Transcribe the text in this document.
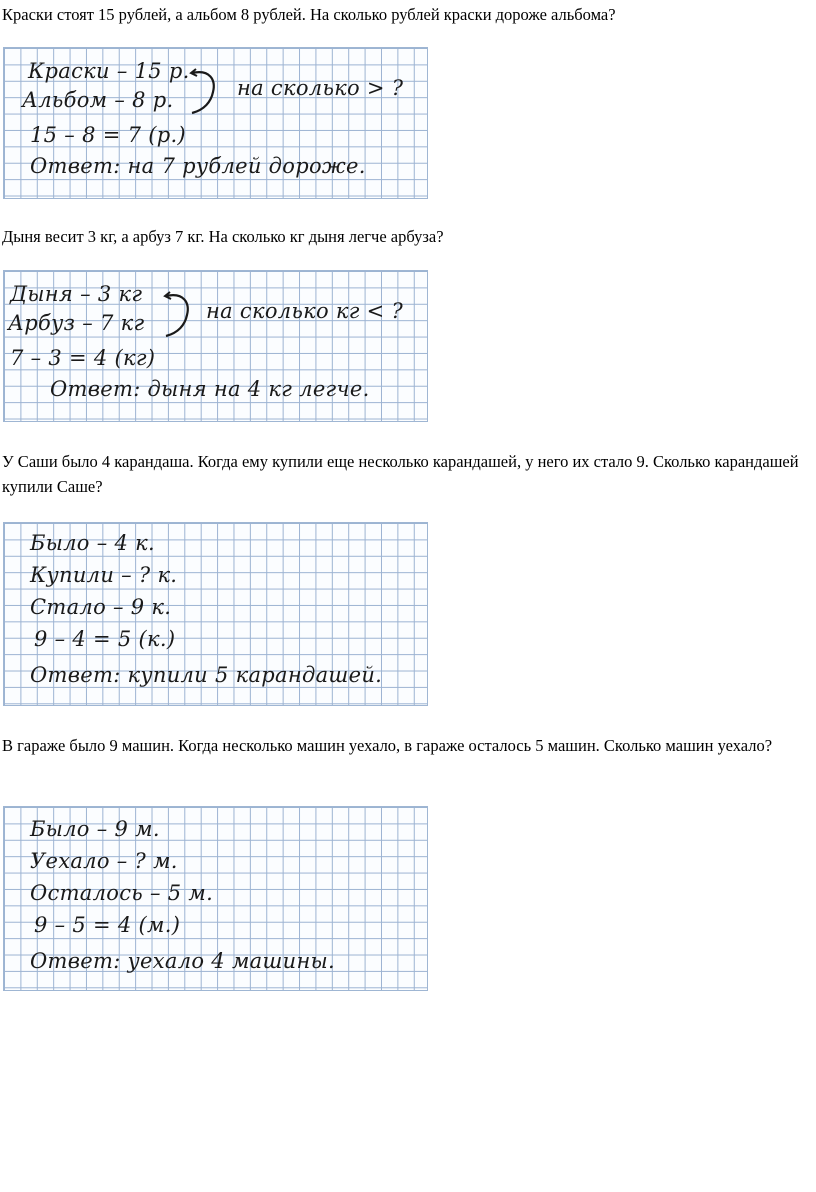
Краски стоят 15 рублей, а альбом 8 рублей. На сколько рублей краски дороже альбома?

Краски – 15 р.
Альбом – 8 р.	на сколько > ?
15 – 8 = 7 (р.)
Ответ: на 7 рублей дороже.

Дыня весит 3 кг, а арбуз 7 кг. На сколько кг дыня легче арбуза?

Дыня – 3 кг
Арбуз – 7 кг	на сколько кг < ?
7 – 3 = 4 (кг)
Ответ: дыня на 4 кг легче.

У Саши было 4 карандаша. Когда ему купили еще несколько карандашей, у него их стало 9. Сколько карандашей купили Саше?

Было – 4 к.
Купили – ? к.
Стало – 9 к.
9 – 4 = 5 (к.)
Ответ: купили 5 карандашей.

В гараже было 9 машин. Когда несколько машин уехало, в гараже осталось 5 машин. Сколько машин уехало?

Было – 9 м.
Уехало – ? м.
Осталось – 5 м.
9 – 5 = 4 (м.)
Ответ: уехало 4 машины.
